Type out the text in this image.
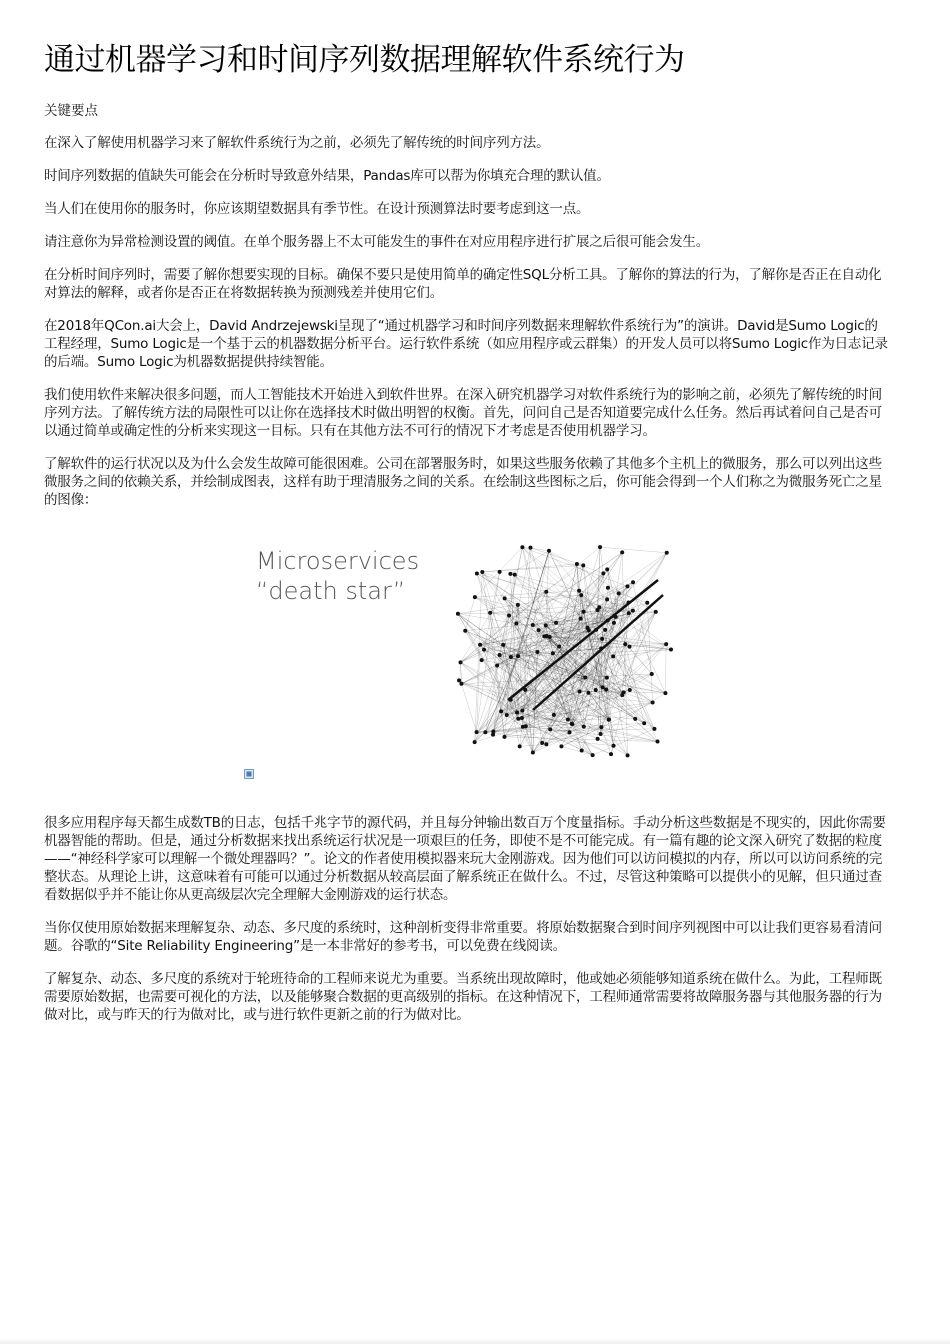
通过机器学习和时间序列数据理解软件系统行为
关键要点

在深入了解使用机器学习来了解软件系统行为之前，必须先了解传统的时间序列方法。

时间序列数据的值缺失可能会在分析时导致意外结果，Pandas库可以帮为你填充合理的默认值。

当人们在使用你的服务时，你应该期望数据具有季节性。在设计预测算法时要考虑到这一点。

请注意你为异常检测设置的阈值。在单个服务器上不太可能发生的事件在对应用程序进行扩展之后很可能会发生。

在分析时间序列时，需要了解你想要实现的目标。确保不要只是使用简单的确定性SQL分析工具。了解你的算法的行为，了解你是否正在自动化对算法的解释，或者你是否正在将数据转换为预测残差并使用它们。

在2018年QCon.ai大会上，David Andrzejewski呈现了“通过机器学习和时间序列数据来理解软件系统行为”的演讲。David是Sumo Logic的工程经理，Sumo Logic是一个基于云的机器数据分析平台。运行软件系统（如应用程序或云群集）的开发人员可以将Sumo Logic作为日志记录的后端。Sumo Logic为机器数据提供持续智能。

我们使用软件来解决很多问题，而人工智能技术开始进入到软件世界。在深入研究机器学习对软件系统行为的影响之前，必须先了解传统的时间序列方法。了解传统方法的局限性可以让你在选择技术时做出明智的权衡。首先，问问自己是否知道要完成什么任务。然后再试着问自己是否可以通过简单或确定性的分析来实现这一目标。只有在其他方法不可行的情况下才考虑是否使用机器学习。

了解软件的运行状况以及为什么会发生故障可能很困难。公司在部署服务时，如果这些服务依赖了其他多个主机上的微服务，那么可以列出这些微服务之间的依赖关系，并绘制成图表，这样有助于理清服务之间的关系。在绘制这些图标之后，你可能会得到一个人们称之为微服务死亡之星的图像：

Microservices
“death star”

很多应用程序每天都生成数TB的日志，包括千兆字节的源代码，并且每分钟输出数百万个度量指标。手动分析这些数据是不现实的，因此你需要机器智能的帮助。但是，通过分析数据来找出系统运行状况是一项艰巨的任务，即使不是不可能完成。有一篇有趣的论文深入研究了数据的粒度——“神经科学家可以理解一个微处理器吗？”。论文的作者使用模拟器来玩大金刚游戏。因为他们可以访问模拟的内存，所以可以访问系统的完整状态。从理论上讲，这意味着有可能可以通过分析数据从较高层面了解系统正在做什么。不过，尽管这种策略可以提供小的见解，但只通过查看数据似乎并不能让你从更高级层次完全理解大金刚游戏的运行状态。

当你仅使用原始数据来理解复杂、动态、多尺度的系统时，这种剖析变得非常重要。将原始数据聚合到时间序列视图中可以让我们更容易看清问题。谷歌的“Site Reliability Engineering”是一本非常好的参考书，可以免费在线阅读。

了解复杂、动态、多尺度的系统对于轮班待命的工程师来说尤为重要。当系统出现故障时，他或她必须能够知道系统在做什么。为此，工程师既需要原始数据，也需要可视化的方法，以及能够聚合数据的更高级别的指标。在这种情况下，工程师通常需要将故障服务器与其他服务器的行为做对比，或与昨天的行为做对比，或与进行软件更新之前的行为做对比。
